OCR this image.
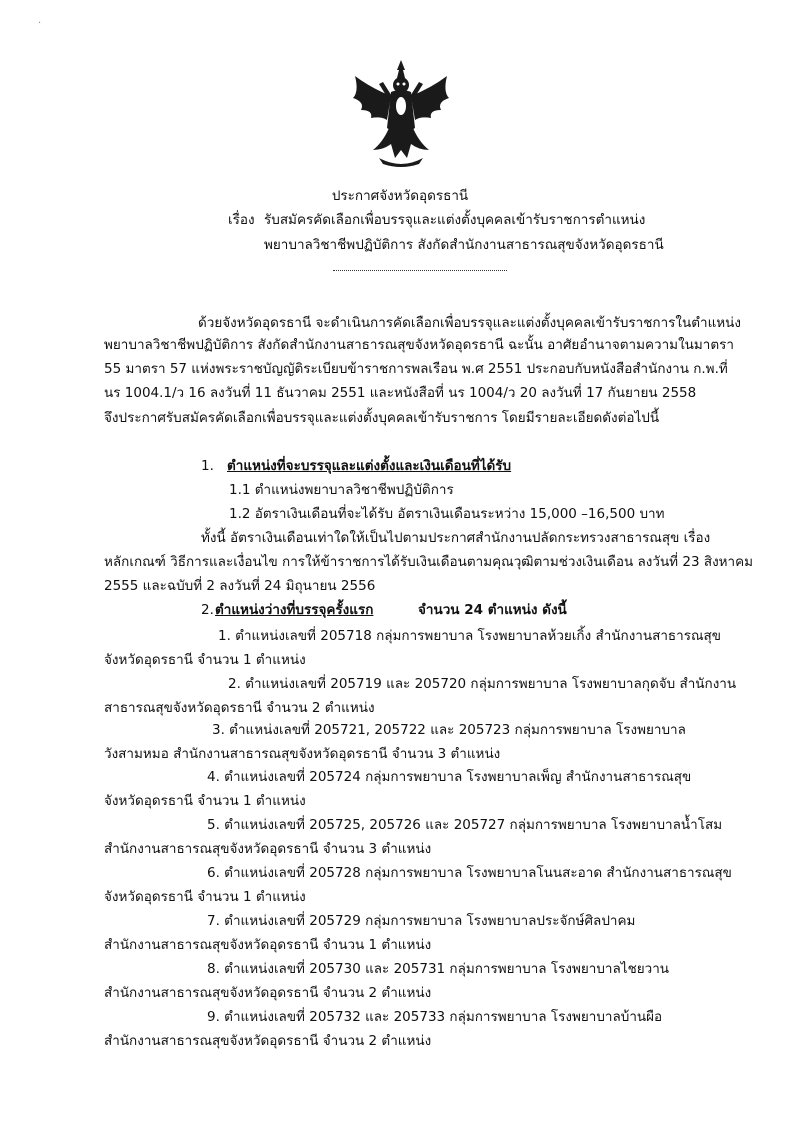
·
ประกาศจังหวัดอุดรธานี
เรื่อง รับสมัครคัดเลือกเพื่อบรรจุและแต่งตั้งบุคคลเข้ารับราชการตำแหน่ง
พยาบาลวิชาชีพปฏิบัติการ สังกัดสำนักงานสาธารณสุขจังหวัดอุดรธานี
ด้วยจังหวัดอุดรธานี จะดำเนินการคัดเลือกเพื่อบรรจุและแต่งตั้งบุคคลเข้ารับราชการในตำแหน่ง
พยาบาลวิชาชีพปฏิบัติการ สังกัดสำนักงานสาธารณสุขจังหวัดอุดรธานี ฉะนั้น อาศัยอำนาจตามความในมาตรา
55 มาตรา 57 แห่งพระราชบัญญัติระเบียบข้าราชการพลเรือน พ.ศ 2551 ประกอบกับหนังสือสำนักงาน ก.พ.ที่
นร 1004.1/ว 16 ลงวันที่ 11 ธันวาคม 2551 และหนังสือที่ นร 1004/ว 20 ลงวันที่ 17 กันยายน 2558
จึงประกาศรับสมัครคัดเลือกเพื่อบรรจุและแต่งตั้งบุคคลเข้ารับราชการ โดยมีรายละเอียดดังต่อไปนี้
1. ตำแหน่งที่จะบรรจุและแต่งตั้งและเงินเดือนที่ได้รับ
1.1 ตำแหน่งพยาบาลวิชาชีพปฏิบัติการ
1.2 อัตราเงินเดือนที่จะได้รับ อัตราเงินเดือนระหว่าง 15,000 –16,500 บาท
ทั้งนี้ อัตราเงินเดือนเท่าใดให้เป็นไปตามประกาศสำนักงานปลัดกระทรวงสาธารณสุข เรื่อง
หลักเกณฑ์ วิธีการและเงื่อนไข การให้ข้าราชการได้รับเงินเดือนตามคุณวุฒิตามช่วงเงินเดือน ลงวันที่ 23 สิงหาคม
2555 และฉบับที่ 2 ลงวันที่ 24 มิถุนายน 2556
2. ตำแหน่งว่างที่บรรจุครั้งแรก	จำนวน 24 ตำแหน่ง ดังนี้
1. ตำแหน่งเลขที่ 205718 กลุ่มการพยาบาล โรงพยาบาลห้วยเกิ้ง สำนักงานสาธารณสุข
จังหวัดอุดรธานี จำนวน 1 ตำแหน่ง
2. ตำแหน่งเลขที่ 205719 และ 205720 กลุ่มการพยาบาล โรงพยาบาลกุดจับ สำนักงาน
สาธารณสุขจังหวัดอุดรธานี จำนวน 2 ตำแหน่ง
3. ตำแหน่งเลขที่ 205721, 205722 และ 205723 กลุ่มการพยาบาล โรงพยาบาล
วังสามหมอ สำนักงานสาธารณสุขจังหวัดอุดรธานี จำนวน 3 ตำแหน่ง
4. ตำแหน่งเลขที่ 205724 กลุ่มการพยาบาล โรงพยาบาลเพ็ญ สำนักงานสาธารณสุข
จังหวัดอุดรธานี จำนวน 1 ตำแหน่ง
5. ตำแหน่งเลขที่ 205725, 205726 และ 205727 กลุ่มการพยาบาล โรงพยาบาลน้ำโสม
สำนักงานสาธารณสุขจังหวัดอุดรธานี จำนวน 3 ตำแหน่ง
6. ตำแหน่งเลขที่ 205728 กลุ่มการพยาบาล โรงพยาบาลโนนสะอาด สำนักงานสาธารณสุข
จังหวัดอุดรธานี จำนวน 1 ตำแหน่ง
7. ตำแหน่งเลขที่ 205729 กลุ่มการพยาบาล โรงพยาบาลประจักษ์ศิลปาคม
สำนักงานสาธารณสุขจังหวัดอุดรธานี จำนวน 1 ตำแหน่ง
8. ตำแหน่งเลขที่ 205730 และ 205731 กลุ่มการพยาบาล โรงพยาบาลไชยวาน
สำนักงานสาธารณสุขจังหวัดอุดรธานี จำนวน 2 ตำแหน่ง
9. ตำแหน่งเลขที่ 205732 และ 205733 กลุ่มการพยาบาล โรงพยาบาลบ้านผือ
สำนักงานสาธารณสุขจังหวัดอุดรธานี จำนวน 2 ตำแหน่ง
